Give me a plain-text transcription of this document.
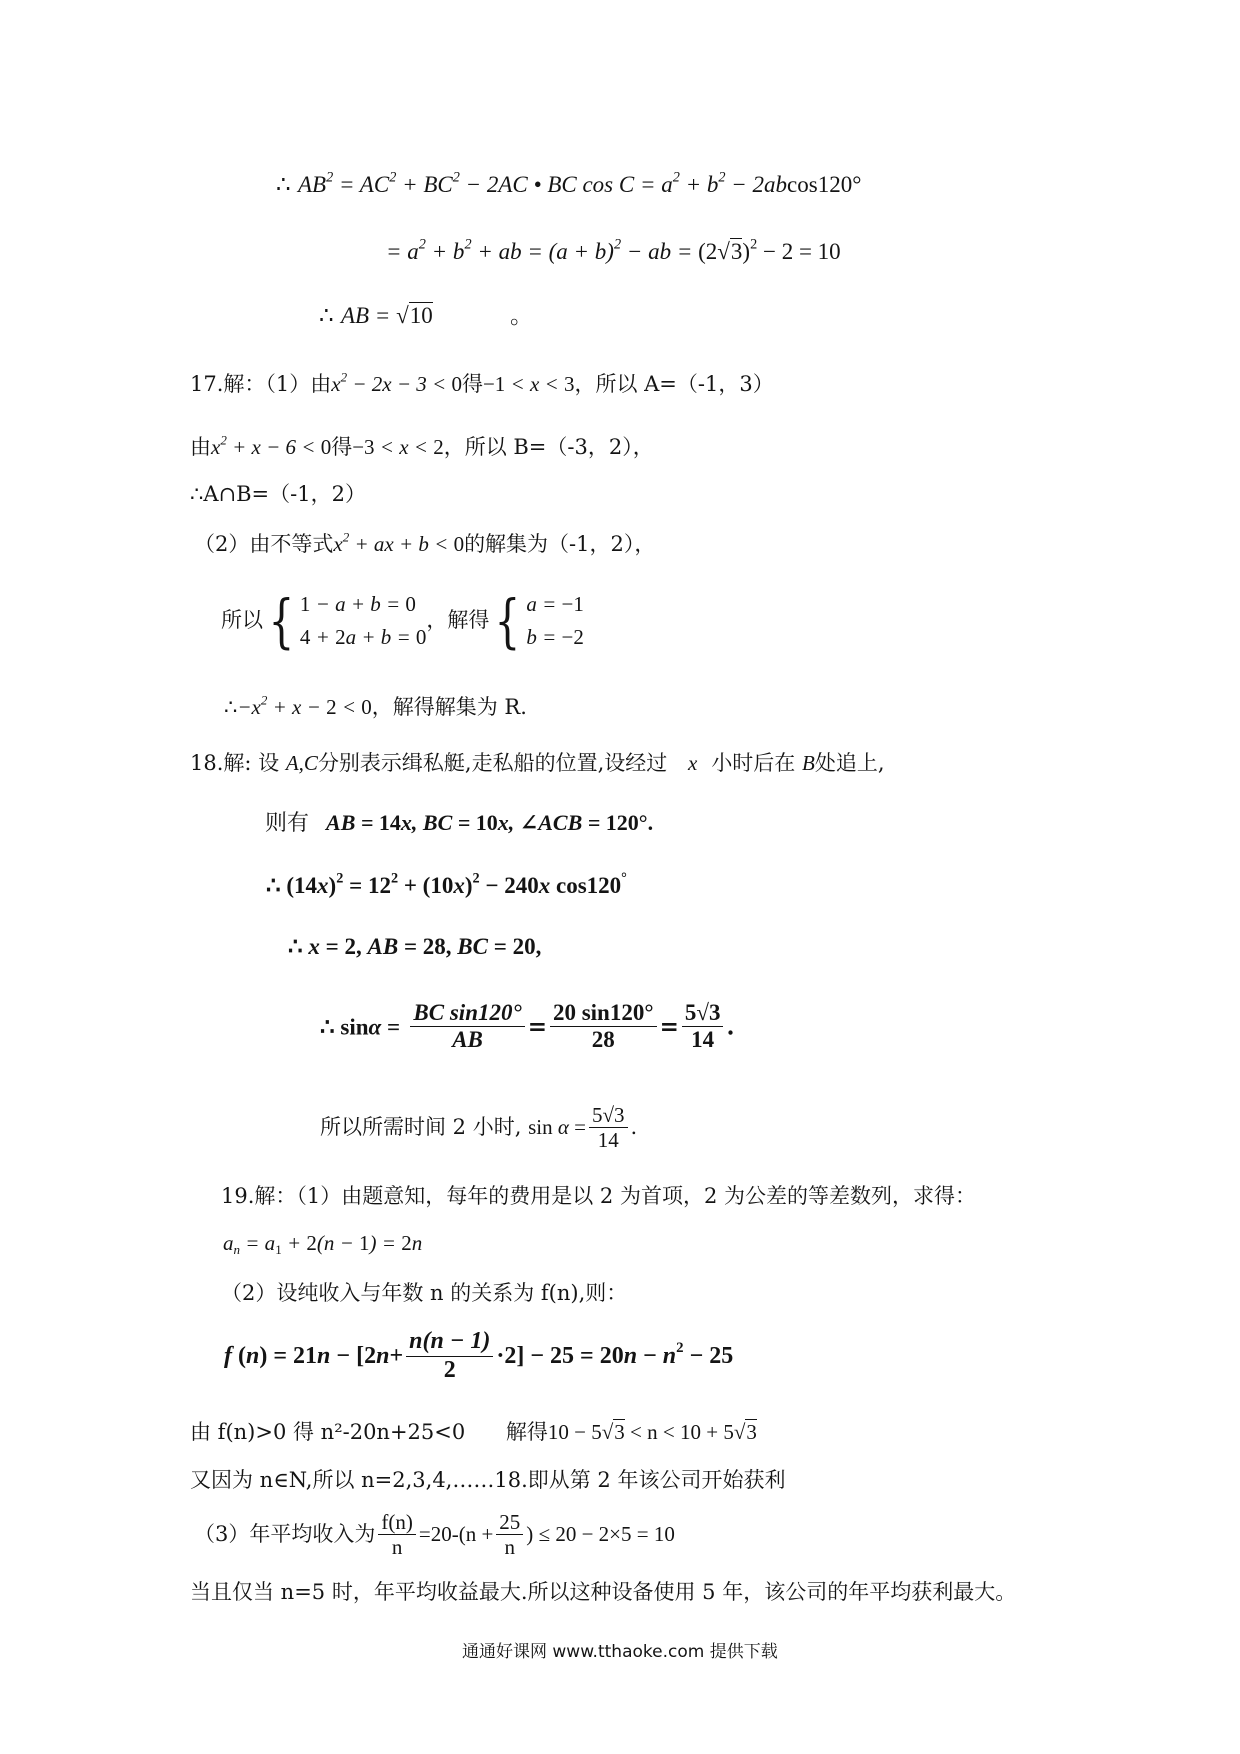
∴ $AB^2 = AC^2 + BC^2 - 2AC$ • BC $\cos C = a^2 + b^2 - 2abcos120^\circ$
= $a^2 + b^2$ + ab = $(a + b)^2$ − ab = $(2√3)^2 - 2 = 10$
∴ AB = √10	。
17.解：（1）由$x^2 - 2x - 3 < 0$得−1 < x < 3，所以 A=（-1，3）
由$x^2 + x - 6 < 0$得−3 < x < 2，所以 B=（-3，2），
∴A∩B=（-1，2）
（2）由不等式$x^2$ + ax + b < 0的解集为（-1，2），
所以{ 1 − a + b = 0
4 + 2a + b = 0
，解得{ a = −1
b = −2
$\therefore-x^2 + x - 2 < 0$，解得解集为 R.
18.解: 设 A,C分别表示缉私艇,走私船的位置,设经过 x 小时后在 B处追上,
则有 AB = 14x, BC = 10x, ∠ACB = 120°.
∴ $(14x)^2 = 12^2 + (10x)^2 - 240x$ cos120°
∴ x = 2, AB = 28, BC = 20,
∴ $\sin\alpha = \frac{\text{BC sin120°}}{AB} = \frac{20 \sin 120^\circ}{28} = \frac{5√3}{14}$ .
所以所需时间 2 小时, $\sin \alpha = \frac{5√3}{14}$ .
19.解：（1）由题意知，每年的费用是以 2 为首项，2 为公差的等差数列，求得：
$a_n = a_1 + 2(n - 1) = 2n$
（2）设纯收入与年数 n 的关系为 f(n),则：
f $(n) = 21n - [2n+ \frac{n(n - 1)}{2} \cdot 2] - 25 = 20n - n^2 - 25$
由 f(n)>0 得 n²-20n+25<0 解得10 − 5√3 < n < 10 + 5√3
又因为 n∈N,所以 n=2,3,4,……18.即从第 2 年该公司开始获利
（3）年平均收入为 $\frac{f(n)}{n} =20-(n + \frac{25}{n}$ ) ≤ 20 − 2×5 = 10
当且仅当 n=5 时，年平均收益最大.所以这种设备使用 5 年，该公司的年平均获利最大。
通通好课网 www.tthaoke.com 提供下载
